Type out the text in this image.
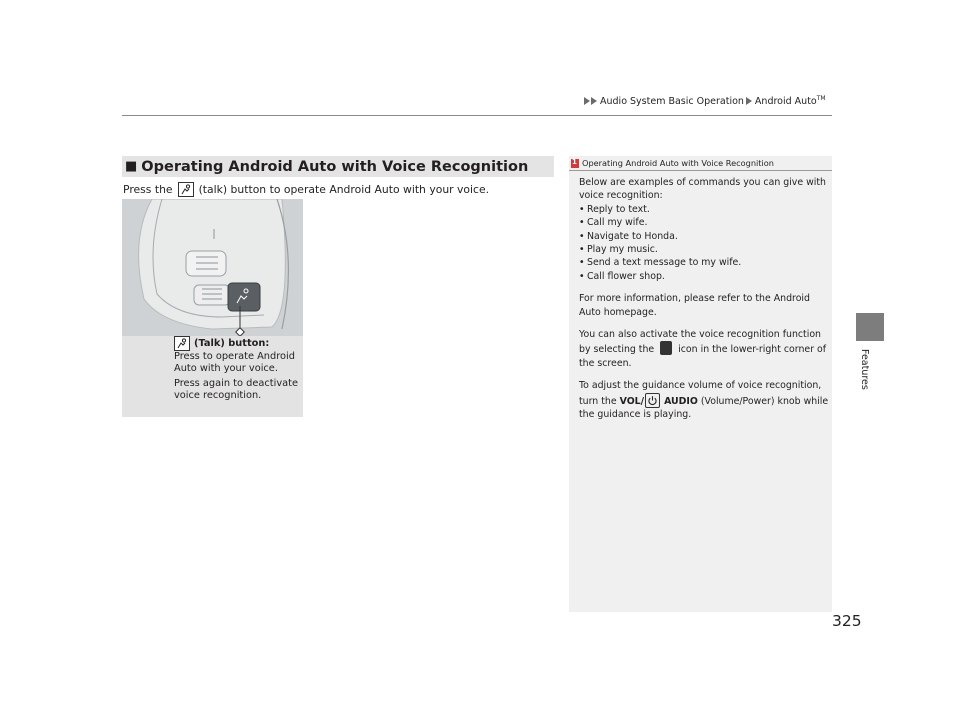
Audio System Basic Operation Android Auto™
Features
■ Operating Android Auto with Voice Recognition
Press the (talk) button to operate Android Auto with your voice.
(Talk) button:
Press to operate Android Auto with your voice.
Press again to deactivate voice recognition.
1
Operating Android Auto with Voice Recognition

Below are examples of commands you can give with voice recognition:

• Reply to text.
• Call my wife.
• Navigate to Honda.
• Play my music.
• Send a text message to my wife.
• Call flower shop.

For more information, please refer to the Android Auto homepage.

You can also activate the voice recognition function by selecting the	icon in the lower-right corner of the screen.

To adjust the guidance volume of voice recognition, turn the VOL/ AUDIO (Volume/Power) knob while the guidance is playing.

325
